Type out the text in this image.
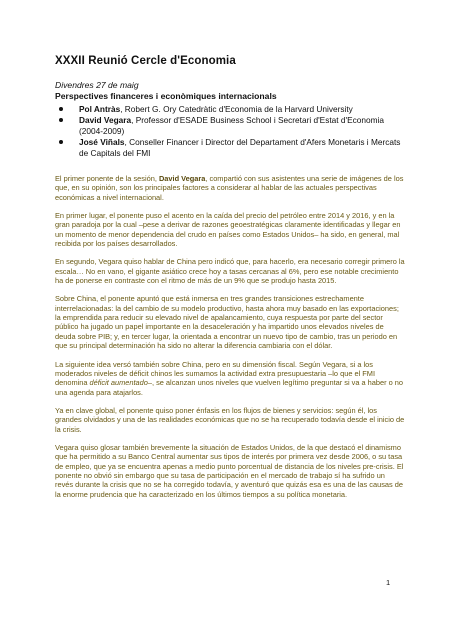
XXXII Reunió Cercle d'Economia
Divendres 27 de maig
Perspectives financeres i econòmiques internacionals
Pol Antràs, Robert G. Ory Catedràtic d'Economia de la Harvard University
David Vegara, Professor d'ESADE Business School i Secretari d'Estat d'Economia (2004-2009)
José Viñals, Conseller Financer i Director del Departament d'Afers Monetaris i Mercats de Capitals del FMI

El primer ponente de la sesión, David Vegara, compartió con sus asistentes una serie de imágenes de los que, en su opinión, son los principales factores a considerar al hablar de las actuales perspectivas económicas a nivel internacional.

En primer lugar, el ponente puso el acento en la caída del precio del petróleo entre 2014 y 2016, y en la gran paradoja por la cual –pese a derivar de razones geoestratégicas claramente identificadas y llegar en un momento de menor dependencia del crudo en países como Estados Unidos– ha sido, en general, mal recibida por los países desarrollados.

En segundo, Vegara quiso hablar de China pero indicó que, para hacerlo, era necesario corregir primero la escala… No en vano, el gigante asiático crece hoy a tasas cercanas al 6%, pero ese notable crecimiento ha de ponerse en contraste con el ritmo de más de un 9% que se produjo hasta 2015.

Sobre China, el ponente apuntó que está inmersa en tres grandes transiciones estrechamente interrelacionadas: la del cambio de su modelo productivo, hasta ahora muy basado en las exportaciones; la emprendida para reducir su elevado nivel de apalancamiento, cuya respuesta por parte del sector público ha jugado un papel importante en la desaceleración y ha impartido unos elevados niveles de deuda sobre PIB; y, en tercer lugar, la orientada a encontrar un nuevo tipo de cambio, tras un periodo en que su principal determinación ha sido no alterar la diferencia cambiaria con el dólar.

La siguiente idea versó también sobre China, pero en su dimensión fiscal. Según Vegara, si a los moderados niveles de déficit chinos les sumamos la actividad extra presupuestaria –lo que el FMI denomina déficit aumentado–, se alcanzan unos niveles que vuelven legítimo preguntar si va a haber o no una agenda para atajarlos.

Ya en clave global, el ponente quiso poner énfasis en los flujos de bienes y servicios: según él, los grandes olvidados y una de las realidades económicas que no se ha recuperado todavía desde el inicio de la crisis.

Vegara quiso glosar también brevemente la situación de Estados Unidos, de la que destacó el dinamismo que ha permitido a su Banco Central aumentar sus tipos de interés por primera vez desde 2006, o su tasa de empleo, que ya se encuentra apenas a medio punto porcentual de distancia de los niveles pre-crisis. El ponente no obvió sin embargo que su tasa de participación en el mercado de trabajo sí ha sufrido un revés durante la crisis que no se ha corregido todavía, y aventuró que quizás esa es una de las causas de la enorme prudencia que ha caracterizado en los últimos tiempos a su política monetaria.

1
